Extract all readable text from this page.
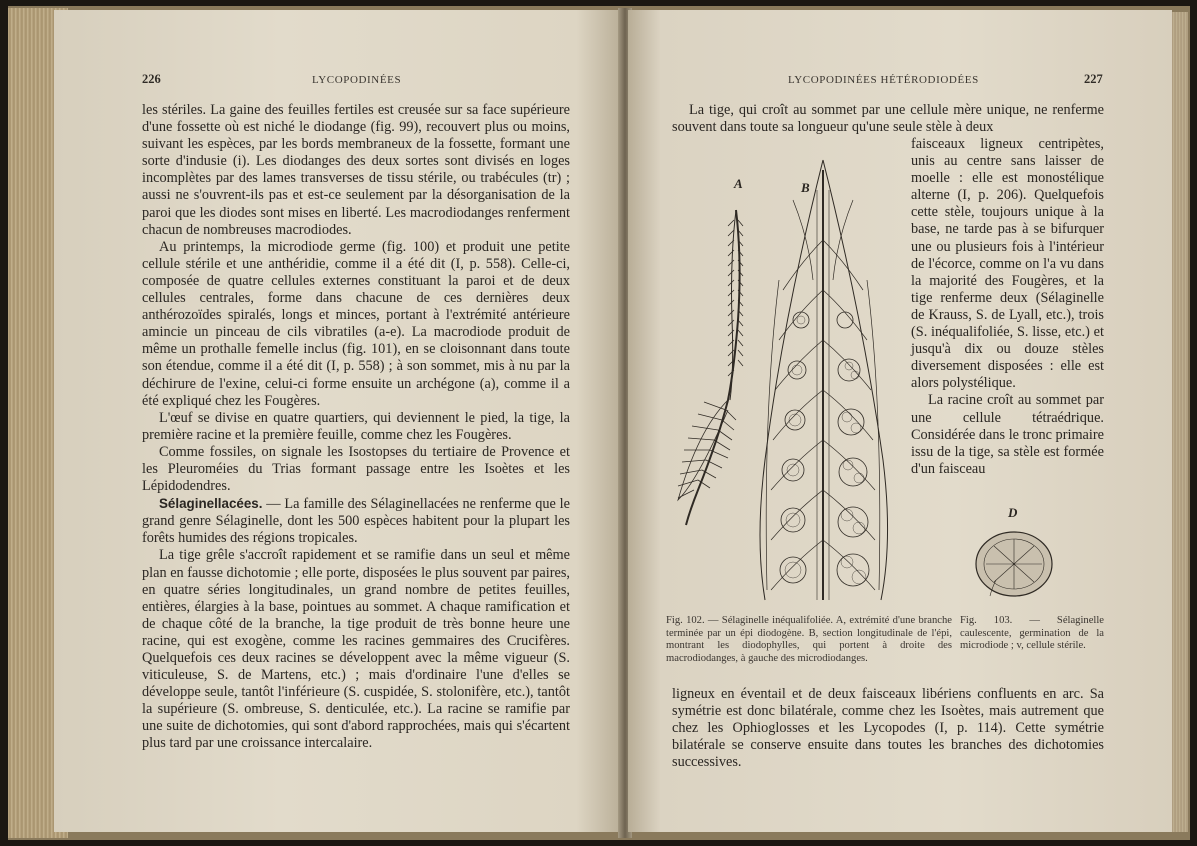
226	LYCOPODINÉES

les stériles. La gaine des feuilles fertiles est creusée sur sa face supérieure d'une fossette où est niché le diodange (fig. 99), recouvert plus ou moins, suivant les espèces, par les bords membraneux de la fossette, formant une sorte d'indusie (i). Les diodanges des deux sortes sont divisés en loges incomplètes par des lames transverses de tissu stérile, ou trabécules (tr) ; aussi ne s'ouvrent-ils pas et est-ce seulement par la désorganisation de la paroi que les diodes sont mises en liberté. Les macrodiodanges renferment chacun de nombreuses macrodiodes.

Au printemps, la microdiode germe (fig. 100) et produit une petite cellule stérile et une anthéridie, comme il a été dit (I, p. 558). Celle-ci, composée de quatre cellules externes constituant la paroi et de deux cellules centrales, forme dans chacune de ces dernières deux anthérozoïdes spiralés, longs et minces, portant à l'extrémité antérieure amincie un pinceau de cils vibratiles (a-e). La macrodiode produit de même un prothalle femelle inclus (fig. 101), en se cloisonnant dans toute son étendue, comme il a été dit (I, p. 558) ; à son sommet, mis à nu par la déchirure de l'exine, celui-ci forme ensuite un archégone (a), comme il a été expliqué chez les Fougères.

L'œuf se divise en quatre quartiers, qui deviennent le pied, la tige, la première racine et la première feuille, comme chez les Fougères.

Comme fossiles, on signale les Isostopses du tertiaire de Provence et les Pleuroméies du Trias formant passage entre les Isoètes et les Lépidodendres.

Sélaginellacées. — La famille des Sélaginellacées ne renferme que le grand genre Sélaginelle, dont les 500 espèces habitent pour la plupart les forêts humides des régions tropicales.

La tige grêle s'accroît rapidement et se ramifie dans un seul et même plan en fausse dichotomie ; elle porte, disposées le plus souvent par paires, en quatre séries longitudinales, un grand nombre de petites feuilles, entières, élargies à la base, pointues au sommet. A chaque ramification et de chaque côté de la branche, la tige produit de très bonne heure une racine, qui est exogène, comme les racines gemmaires des Crucifères. Quelquefois ces deux racines se développent avec la même vigueur (S. viticuleuse, S. de Martens, etc.) ; mais d'ordinaire l'une d'elles se développe seule, tantôt l'inférieure (S. cuspidée, S. stolonifère, etc.), tantôt la supérieure (S. ombreuse, S. denticulée, etc.). La racine se ramifie par une suite de dichotomies, qui sont d'abord rapprochées, mais qui s'écartent plus tard par une croissance intercalaire.

LYCOPODINÉES HÉTÉRODIODÉES	227

La tige, qui croît au sommet par une cellule mère unique, ne renferme souvent dans toute sa longueur qu'une seule stèle à deux

faisceaux ligneux centripètes, unis au centre sans laisser de moelle : elle est monostélique alterne (I, p. 206). Quelquefois cette stèle, toujours unique à la base, ne tarde pas à se bifurquer une ou plusieurs fois à l'intérieur de l'écorce, comme on l'a vu dans la majorité des Fougères, et la tige renferme deux (Sélaginelle de Krauss, S. de Lyall, etc.), trois (S. inéqualifoliée, S. lisse, etc.) et jusqu'à dix ou douze stèles diversement disposées : elle est alors polystélique.

La racine croît au sommet par une cellule tétraédrique. Considérée dans le tronc primaire issu de la tige, sa stèle est formée d'un faisceau

A	B
D

Fig. 102. — Sélaginelle inéqualifoliée. A, extrémité d'une branche terminée par un épi diodogène. B, section longitudinale de l'épi, montrant les diodophylles, qui portent à droite des macrodiodanges, à gauche des microdiodanges.

Fig. 103. — Sélaginelle caulescente, germination de la microdiode ; v, cellule stérile.

ligneux en éventail et de deux faisceaux libériens confluents en arc. Sa symétrie est donc bilatérale, comme chez les Isoètes, mais autrement que chez les Ophioglosses et les Lycopodes (I, p. 114). Cette symétrie bilatérale se conserve ensuite dans toutes les branches des dichotomies successives.
